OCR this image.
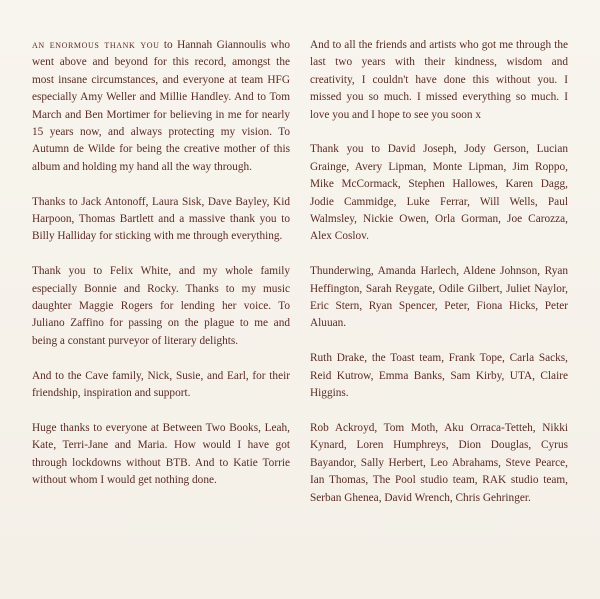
an enormous thank you to Hannah Giannoulis who went above and beyond for this record, amongst the most insane circumstances, and everyone at team HFG especially Amy Weller and Millie Handley. And to Tom March and Ben Mortimer for believing in me for nearly 15 years now, and always protecting my vision. To Autumn de Wilde for being the creative mother of this album and holding my hand all the way through.

Thanks to Jack Antonoff, Laura Sisk, Dave Bayley, Kid Harpoon, Thomas Bartlett and a massive thank you to Billy Halliday for sticking with me through everything.

Thank you to Felix White, and my whole family especially Bonnie and Rocky. Thanks to my music daughter Maggie Rogers for lending her voice. To Juliano Zaffino for passing on the plague to me and being a constant purveyor of literary delights.

And to the Cave family, Nick, Susie, and Earl, for their friendship, inspiration and support.

Huge thanks to everyone at Between Two Books, Leah, Kate, Terri-Jane and Maria. How would I have got through lockdowns without BTB. And to Katie Torrie without whom I would get nothing done.

And to all the friends and artists who got me through the last two years with their kindness, wisdom and creativity, I couldn't have done this without you. I missed you so much. I missed everything so much. I love you and I hope to see you soon x

Thank you to David Joseph, Jody Gerson, Lucian Grainge, Avery Lipman, Monte Lipman, Jim Roppo, Mike McCormack, Stephen Hallowes, Karen Dagg, Jodie Cammidge, Luke Ferrar, Will Wells, Paul Walmsley, Nickie Owen, Orla Gorman, Joe Carozza, Alex Coslov.

Thunderwing, Amanda Harlech, Aldene Johnson, Ryan Heffington, Sarah Reygate, Odile Gilbert, Juliet Naylor, Eric Stern, Ryan Spencer, Peter, Fiona Hicks, Peter Aluuan.

Ruth Drake, the Toast team, Frank Tope, Carla Sacks, Reid Kutrow, Emma Banks, Sam Kirby, UTA, Claire Higgins.

Rob Ackroyd, Tom Moth, Aku Orraca-Tetteh, Nikki Kynard, Loren Humphreys, Dion Douglas, Cyrus Bayandor, Sally Herbert, Leo Abrahams, Steve Pearce, Ian Thomas, The Pool studio team, RAK studio team, Serban Ghenea, David Wrench, Chris Gehringer.
